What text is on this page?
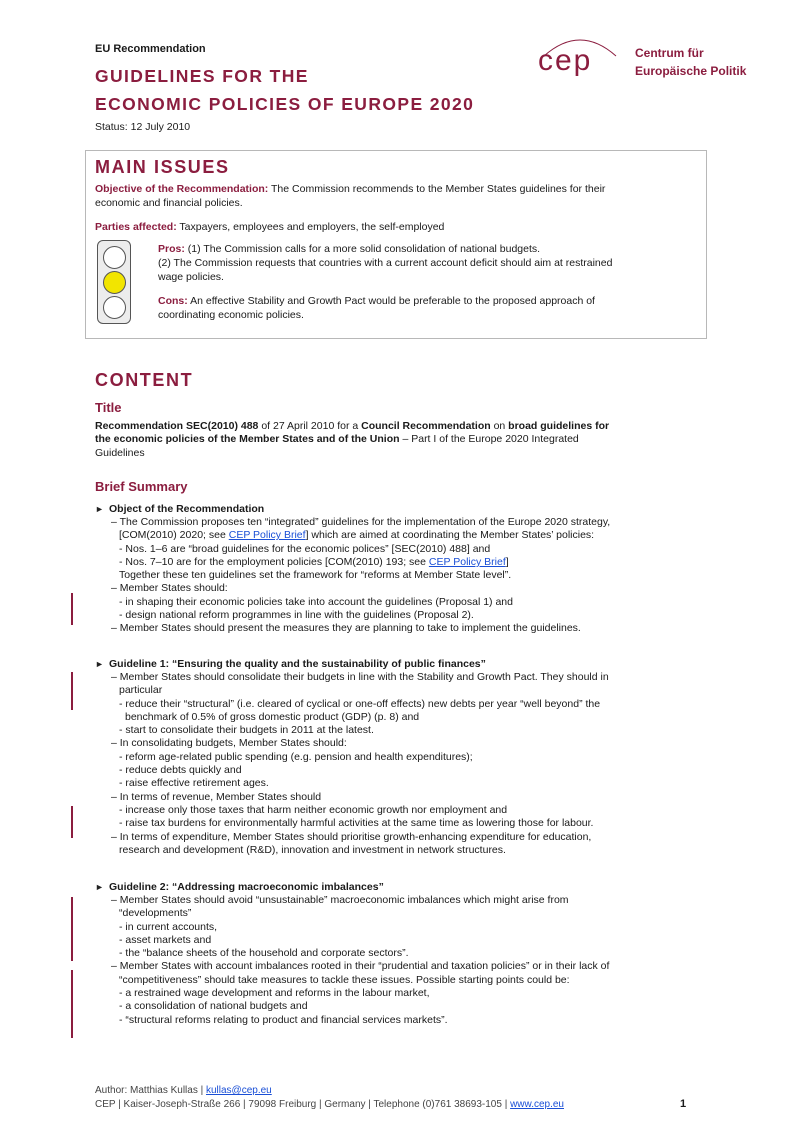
EU Recommendation
GUIDELINES FOR THE
ECONOMIC POLICIES OF EUROPE 2020
Status: 12 July 2010
cep	Centrum für
Europäische Politik
MAIN ISSUES
Objective of the Recommendation: The Commission recommends to the Member States guidelines for their
economic and financial policies.
Parties affected: Taxpayers, employees and employers, the self-employed
Pros: (1) The Commission calls for a more solid consolidation of national budgets.
(2) The Commission requests that countries with a current account deficit should aim at restrained
wage policies.
Cons: An effective Stability and Growth Pact would be preferable to the proposed approach of
coordinating economic policies.
CONTENT
Title
Recommendation SEC(2010) 488 of 27 April 2010 for a Council Recommendation on broad guidelines for
the economic policies of the Member States and of the Union – Part I of the Europe 2020 Integrated
Guidelines
Brief Summary
► Object of the Recommendation
– The Commission proposes ten “integrated” guidelines for the implementation of the Europe 2020 strategy,
[COM(2010) 2020; see CEP Policy Brief] which are aimed at coordinating the Member States’ policies:
- Nos. 1–6 are “broad guidelines for the economic polices” [SEC(2010) 488] and
- Nos. 7–10 are for the employment policies [COM(2010) 193; see CEP Policy Brief]
Together these ten guidelines set the framework for “reforms at Member State level”.
– Member States should:
- in shaping their economic policies take into account the guidelines (Proposal 1) and
- design national reform programmes in line with the guidelines (Proposal 2).
– Member States should present the measures they are planning to take to implement the guidelines.
► Guideline 1: “Ensuring the quality and the sustainability of public finances”
– Member States should consolidate their budgets in line with the Stability and Growth Pact. They should in
particular
- reduce their “structural” (i.e. cleared of cyclical or one-off effects) new debts per year “well beyond” the
benchmark of 0.5% of gross domestic product (GDP) (p. 8) and
- start to consolidate their budgets in 2011 at the latest.
– In consolidating budgets, Member States should:
- reform age-related public spending (e.g. pension and health expenditures);
- reduce debts quickly and
- raise effective retirement ages.
– In terms of revenue, Member States should
- increase only those taxes that harm neither economic growth nor employment and
- raise tax burdens for environmentally harmful activities at the same time as lowering those for labour.
– In terms of expenditure, Member States should prioritise growth-enhancing expenditure for education,
research and development (R&D), innovation and investment in network structures.
► Guideline 2: “Addressing macroeconomic imbalances”
– Member States should avoid “unsustainable” macroeconomic imbalances which might arise from
“developments”
- in current accounts,
- asset markets and
- the “balance sheets of the household and corporate sectors”.
– Member States with account imbalances rooted in their “prudential and taxation policies” or in their lack of
“competitiveness” should take measures to tackle these issues. Possible starting points could be:
- a restrained wage development and reforms in the labour market,
- a consolidation of national budgets and
- “structural reforms relating to product and financial services markets”.
Author: Matthias Kullas | kullas@cep.eu
CEP | Kaiser-Joseph-Straße 266 | 79098 Freiburg | Germany | Telephone (0)761 38693-105 | www.cep.eu	1
